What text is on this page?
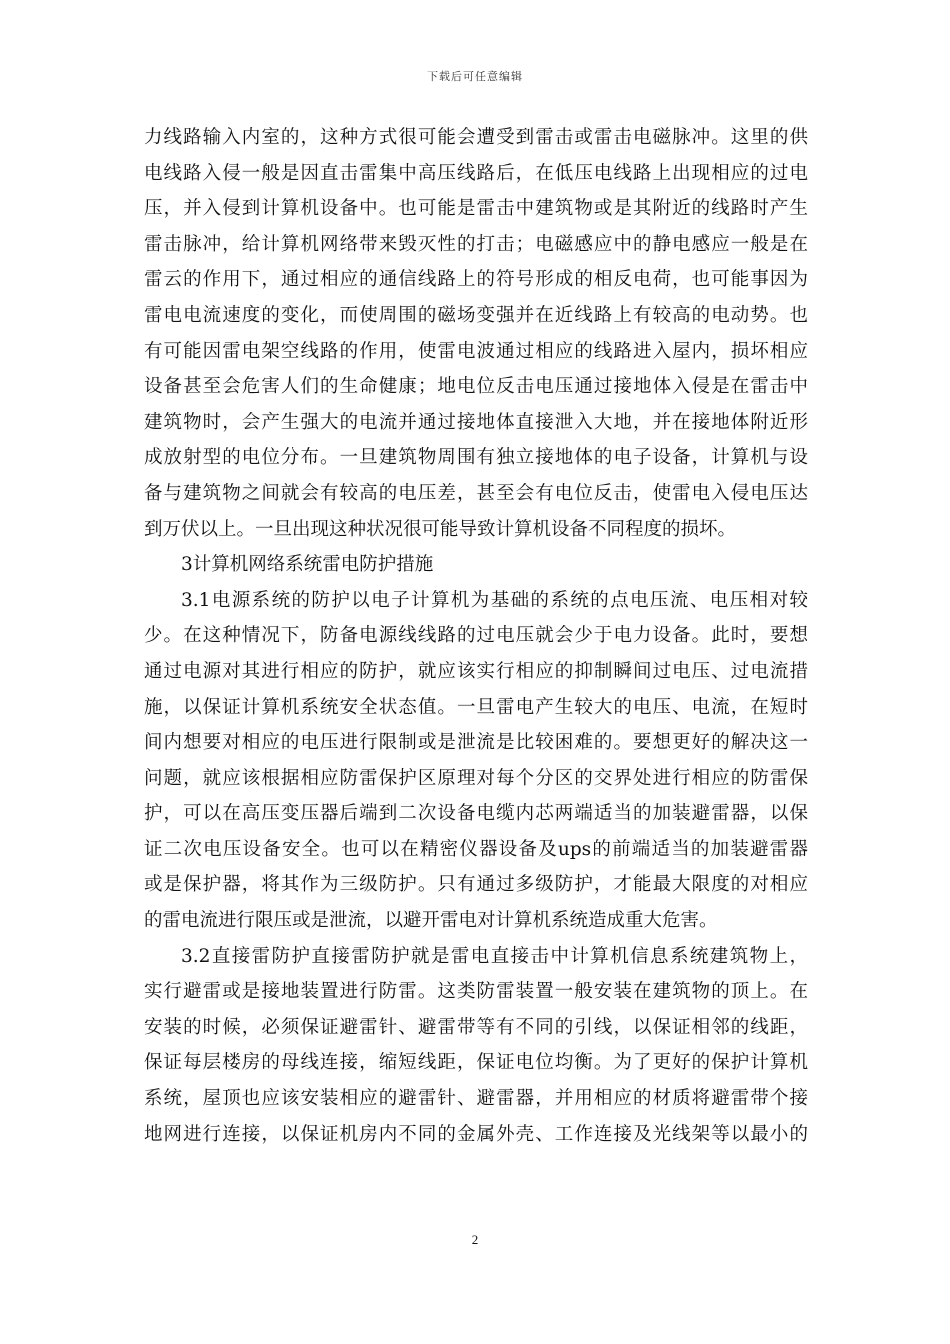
下载后可任意编辑
力线路输入内室的，这种方式很可能会遭受到雷击或雷击电磁脉冲。这里的供
电线路入侵一般是因直击雷集中高压线路后，在低压电线路上出现相应的过电
压，并入侵到计算机设备中。也可能是雷击中建筑物或是其附近的线路时产生
雷击脉冲，给计算机网络带来毁灭性的打击；电磁感应中的静电感应一般是在
雷云的作用下，通过相应的通信线路上的符号形成的相反电荷，也可能事因为
雷电电流速度的变化，而使周围的磁场变强并在近线路上有较高的电动势。也
有可能因雷电架空线路的作用，使雷电波通过相应的线路进入屋内，损坏相应
设备甚至会危害人们的生命健康；地电位反击电压通过接地体入侵是在雷击中
建筑物时，会产生强大的电流并通过接地体直接泄入大地，并在接地体附近形
成放射型的电位分布。一旦建筑物周围有独立接地体的电子设备，计算机与设
备与建筑物之间就会有较高的电压差，甚至会有电位反击，使雷电入侵电压达
到万伏以上。一旦出现这种状况很可能导致计算机设备不同程度的损坏。
3计算机网络系统雷电防护措施
3.1电源系统的防护以电子计算机为基础的系统的点电压流、电压相对较
少。在这种情况下，防备电源线线路的过电压就会少于电力设备。此时，要想
通过电源对其进行相应的防护，就应该实行相应的抑制瞬间过电压、过电流措
施，以保证计算机系统安全状态值。一旦雷电产生较大的电压、电流，在短时
间内想要对相应的电压进行限制或是泄流是比较困难的。要想更好的解决这一
问题，就应该根据相应防雷保护区原理对每个分区的交界处进行相应的防雷保
护，可以在高压变压器后端到二次设备电缆内芯两端适当的加装避雷器，以保
证二次电压设备安全。也可以在精密仪器设备及ups的前端适当的加装避雷器
或是保护器，将其作为三级防护。只有通过多级防护，才能最大限度的对相应
的雷电流进行限压或是泄流，以避开雷电对计算机系统造成重大危害。
3.2直接雷防护直接雷防护就是雷电直接击中计算机信息系统建筑物上，
实行避雷或是接地装置进行防雷。这类防雷装置一般安装在建筑物的顶上。在
安装的时候，必须保证避雷针、避雷带等有不同的引线，以保证相邻的线距，
保证每层楼房的母线连接，缩短线距，保证电位均衡。为了更好的保护计算机
系统，屋顶也应该安装相应的避雷针、避雷器，并用相应的材质将避雷带个接
地网进行连接，以保证机房内不同的金属外壳、工作连接及光线架等以最小的
2
